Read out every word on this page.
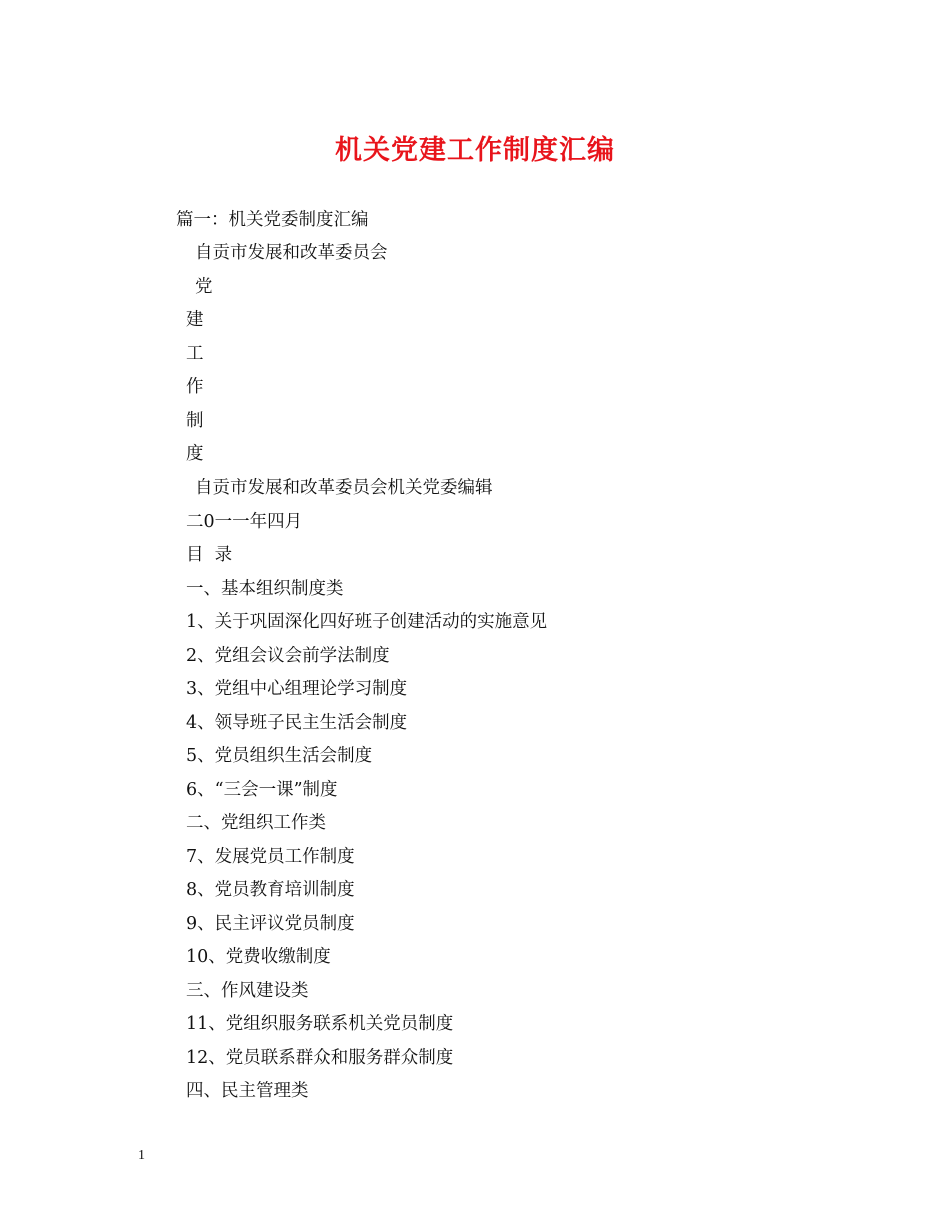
机关党建工作制度汇编

篇一：机关党委制度汇编

自贡市发展和改革委员会

党

建

工

作

制

度

自贡市发展和改革委员会机关党委编辑

二0一一年四月

目  录

一、基本组织制度类

1、关于巩固深化四好班子创建活动的实施意见

2、党组会议会前学法制度

3、党组中心组理论学习制度

4、领导班子民主生活会制度

5、党员组织生活会制度

6、“三会一课”制度

二、党组织工作类

7、发展党员工作制度

8、党员教育培训制度

9、民主评议党员制度

10、党费收缴制度

三、作风建设类

11、党组织服务联系机关党员制度

12、党员联系群众和服务群众制度

四、民主管理类

1
